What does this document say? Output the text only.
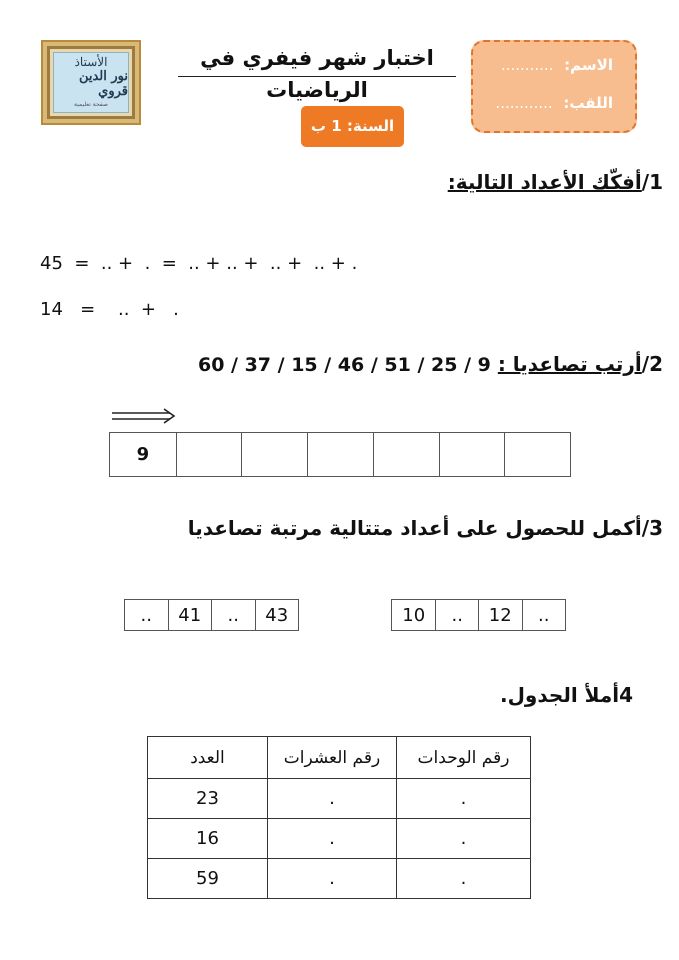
الأستاذ
نور الدين قروي
صفحة تعليمية
اختبار شهر فيفري في الرياضيات
الاسم: ...........
اللقب: ............
السنة: 1 ب
1/أفكّك الأعداد التالية:
45  =  .. +  .  =  .. + .. +  .. +  .. + .
14   =    ..  +   .
2/أرتب تصاعديا : 60 / 37 / 15 / 46 / 51 / 25 / 9
9
3/أكمل للحصول على أعداد متتالية مرتبة تصاعديا
..	41	..	43	10	..	12	..
4أملأ الجدول.
رقم الوحدات	رقم العشرات	العدد
.	.	23
.	.	16
.	.	59
